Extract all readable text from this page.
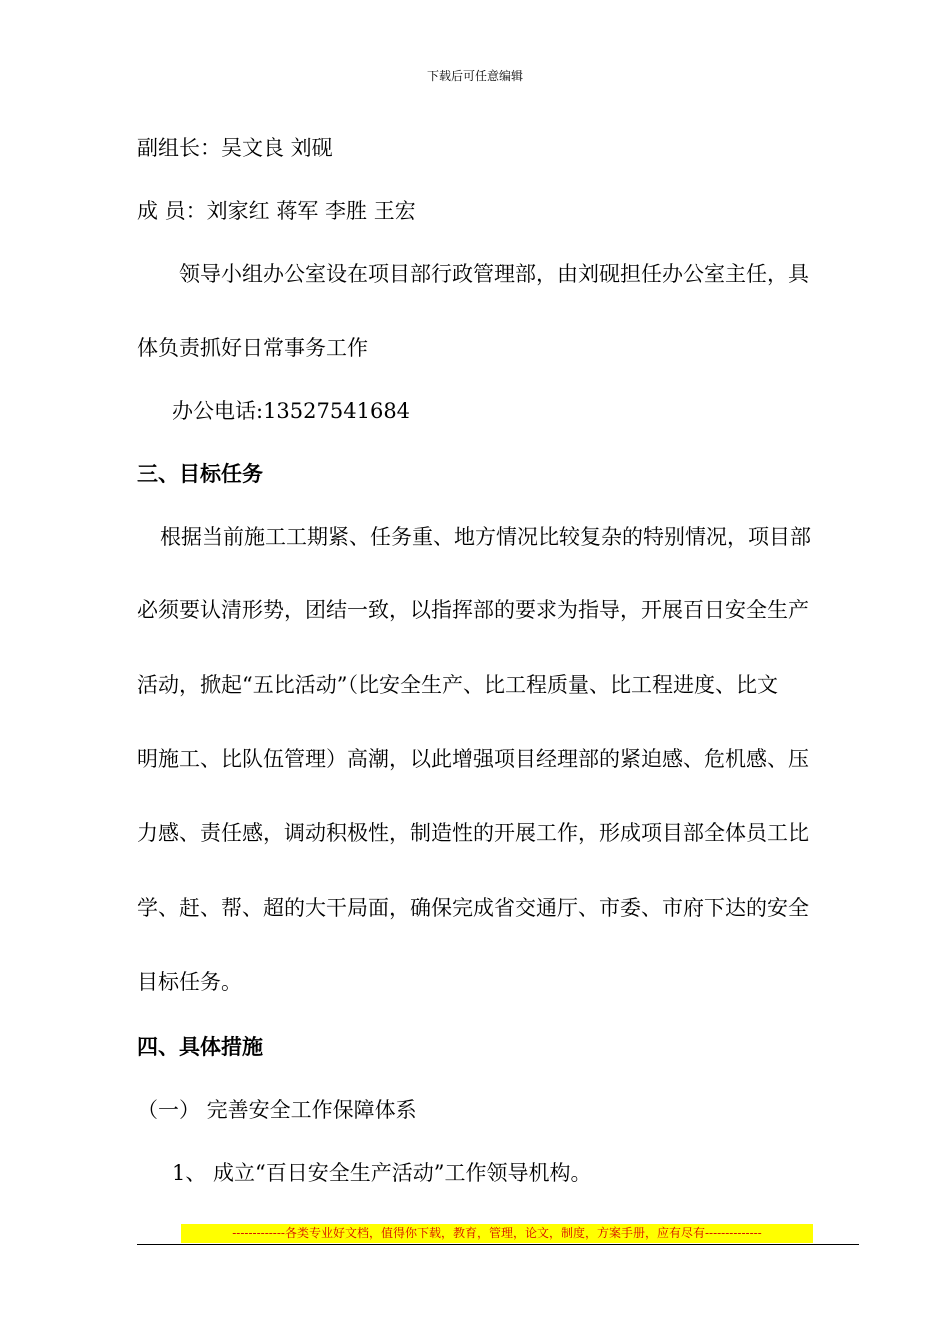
下载后可任意编辑
副组长：吴文良 刘砚
成 员：刘家红 蒋军 李胜 王宏
领导小组办公室设在项目部行政管理部，由刘砚担任办公室主任，具
体负责抓好日常事务工作
办公电话:13527541684
三、目标任务
根据当前施工工期紧、任务重、地方情况比较复杂的特别情况，项目部
必须要认清形势，团结一致，以指挥部的要求为指导，开展百日安全生产
活动，掀起“五比活动”（比安全生产、比工程质量、比工程进度、比文
明施工、比队伍管理）高潮，以此增强项目经理部的紧迫感、危机感、压
力感、责任感，调动积极性，制造性的开展工作，形成项目部全体员工比
学、赶、帮、超的大干局面，确保完成省交通厅、市委、市府下达的安全
目标任务。
四、具体措施
（一） 完善安全工作保障体系
1、 成立“百日安全生产活动”工作领导机构。
-------------各类专业好文档，值得你下载，教育，管理，论文，制度，方案手册，应有尽有--------------
